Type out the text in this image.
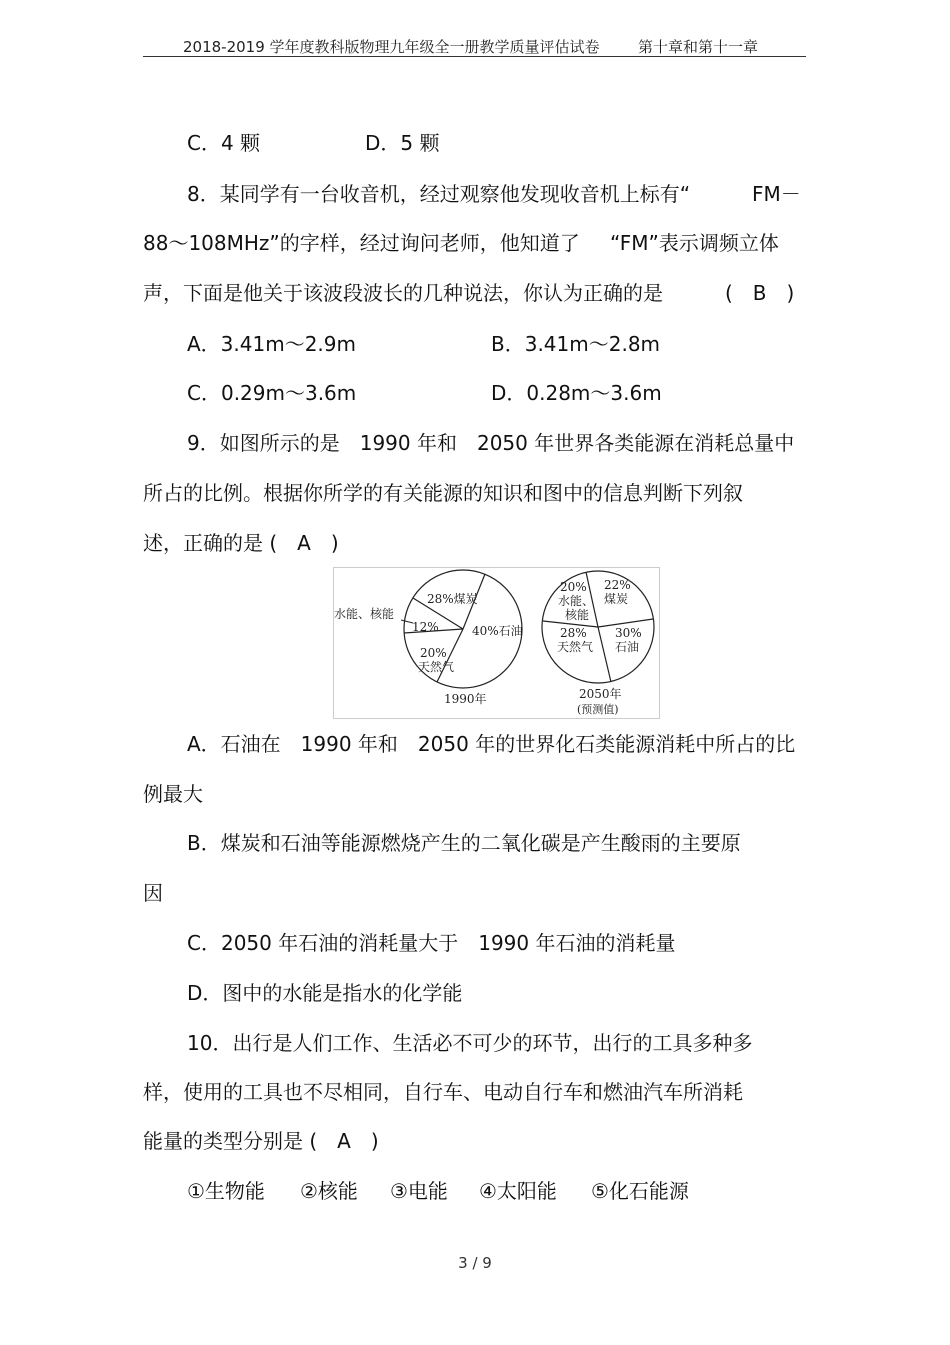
2018-2019 学年度教科版物理九年级全一册教学质量评估试卷	第十章和第十一章
C．4 颗	D．5 颗
8．某同学有一台收音机，经过观察他发现收音机上标有“	FM－
88～108MHz”的字样，经过询问老师，他知道了 “FM”表示调频立体
声，下面是他关于该波段波长的几种说法，你认为正确的是	(　B　)
A．3.41m～2.9m	B．3.41m～2.8m
C．0.29m～3.6m	D．0.28m～3.6m
9．如图所示的是　1990 年和　2050 年世界各类能源在消耗总量中
所占的比例。根据你所学的有关能源的知识和图中的信息判断下列叙
述，正确的是 (　A　)
水能、核能
28%煤炭
40%石油
20%
天然气
12%
1990年
20%
水能、
核能
22%
煤炭
30%
石油
28%
天然气
2050年
(预测值)
A．石油在　1990 年和　2050 年的世界化石类能源消耗中所占的比
例最大
B．煤炭和石油等能源燃烧产生的二氧化碳是产生酸雨的主要原
因
C．2050 年石油的消耗量大于　1990 年石油的消耗量
D．图中的水能是指水的化学能
10．出行是人们工作、生活必不可少的环节，出行的工具多种多
样，使用的工具也不尽相同，自行车、电动自行车和燃油汽车所消耗
能量的类型分别是 (　A　)
①生物能 ②核能 ③电能 ④太阳能 ⑤化石能源
3 / 9
